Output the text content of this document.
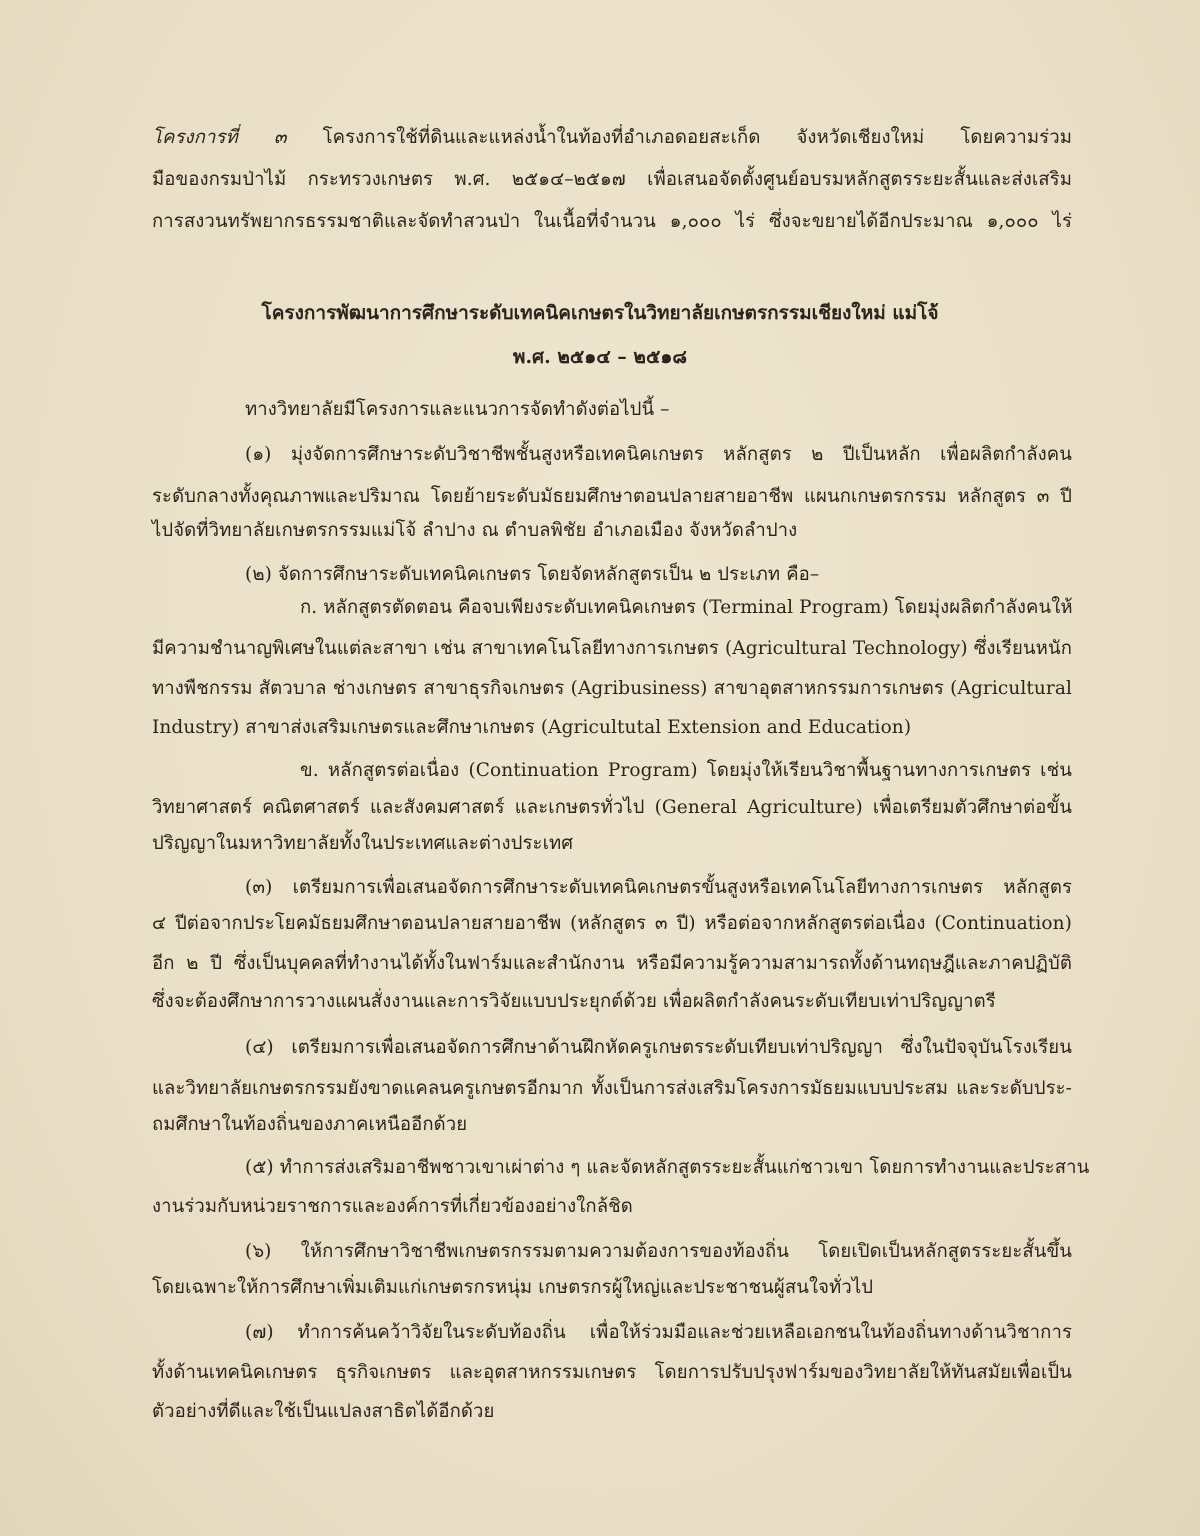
โครงการที่ ๓ โครงการใช้ที่ดินและแหล่งน้ำในท้องที่อำเภอดอยสะเก็ด จังหวัดเชียงใหม่ โดยความร่วม
มือของกรมป่าไม้ กระทรวงเกษตร พ.ศ. ๒๕๑๔–๒๕๑๗ เพื่อเสนอจัดตั้งศูนย์อบรมหลักสูตรระยะสั้นและส่งเสริม
การสงวนทรัพยากรธรรมชาติและจัดทำสวนป่า ในเนื้อที่จำนวน ๑,๐๐๐ ไร่ ซึ่งจะขยายได้อีกประมาณ ๑,๐๐๐ ไร่
โครงการพัฒนาการศึกษาระดับเทคนิคเกษตรในวิทยาลัยเกษตรกรรมเชียงใหม่ แม่โจ้
พ.ศ. ๒๕๑๔ – ๒๕๑๘
ทางวิทยาลัยมีโครงการและแนวการจัดทำดังต่อไปนี้ –
(๑) มุ่งจัดการศึกษาระดับวิชาชีพชั้นสูงหรือเทคนิคเกษตร หลักสูตร ๒ ปีเป็นหลัก เพื่อผลิตกำลังคน
ระดับกลางทั้งคุณภาพและปริมาณ โดยย้ายระดับมัธยมศึกษาตอนปลายสายอาชีพ แผนกเกษตรกรรม หลักสูตร ๓ ปี
ไปจัดที่วิทยาลัยเกษตรกรรมแม่โจ้ ลำปาง ณ ตำบลพิชัย อำเภอเมือง จังหวัดลำปาง
(๒) จัดการศึกษาระดับเทคนิคเกษตร โดยจัดหลักสูตรเป็น ๒ ประเภท คือ–
ก. หลักสูตรตัดตอน คือจบเพียงระดับเทคนิคเกษตร (Terminal Program) โดยมุ่งผลิตกำลังคนให้
มีความชำนาญพิเศษในแต่ละสาขา เช่น สาขาเทคโนโลยีทางการเกษตร (Agricultural Technology) ซึ่งเรียนหนัก
ทางพืชกรรม สัตวบาล ช่างเกษตร สาขาธุรกิจเกษตร (Agribusiness) สาขาอุตสาหกรรมการเกษตร (Agricultural
Industry) สาขาส่งเสริมเกษตรและศึกษาเกษตร (Agricultutal Extension and Education)
ข. หลักสูตรต่อเนื่อง (Continuation Program) โดยมุ่งให้เรียนวิชาพื้นฐานทางการเกษตร เช่น
วิทยาศาสตร์ คณิตศาสตร์ และสังคมศาสตร์ และเกษตรทั่วไป (General Agriculture) เพื่อเตรียมตัวศึกษาต่อขั้น
ปริญญาในมหาวิทยาลัยทั้งในประเทศและต่างประเทศ
(๓) เตรียมการเพื่อเสนอจัดการศึกษาระดับเทคนิคเกษตรขั้นสูงหรือเทคโนโลยีทางการเกษตร หลักสูตร
๔ ปีต่อจากประโยคมัธยมศึกษาตอนปลายสายอาชีพ (หลักสูตร ๓ ปี) หรือต่อจากหลักสูตรต่อเนื่อง (Continuation)
อีก ๒ ปี ซึ่งเป็นบุคคลที่ทำงานได้ทั้งในฟาร์มและสำนักงาน หรือมีความรู้ความสามารถทั้งด้านทฤษฎีและภาคปฏิบัติ
ซึ่งจะต้องศึกษาการวางแผนสั่งงานและการวิจัยแบบประยุกต์ด้วย เพื่อผลิตกำลังคนระดับเทียบเท่าปริญญาตรี
(๔) เตรียมการเพื่อเสนอจัดการศึกษาด้านฝึกหัดครูเกษตรระดับเทียบเท่าปริญญา ซึ่งในปัจจุบันโรงเรียน
และวิทยาลัยเกษตรกรรมยังขาดแคลนครูเกษตรอีกมาก ทั้งเป็นการส่งเสริมโครงการมัธยมแบบประสม และระดับประ-
ถมศึกษาในท้องถิ่นของภาคเหนืออีกด้วย
(๕) ทำการส่งเสริมอาชีพชาวเขาเผ่าต่าง ๆ และจัดหลักสูตรระยะสั้นแก่ชาวเขา โดยการทำงานและประสาน
งานร่วมกับหน่วยราชการและองค์การที่เกี่ยวข้องอย่างใกล้ชิด
(๖) ให้การศึกษาวิชาชีพเกษตรกรรมตามความต้องการของท้องถิ่น โดยเปิดเป็นหลักสูตรระยะสั้นขึ้น
โดยเฉพาะให้การศึกษาเพิ่มเติมแก่เกษตรกรหนุ่ม เกษตรกรผู้ใหญ่และประชาชนผู้สนใจทั่วไป
(๗) ทำการค้นคว้าวิจัยในระดับท้องถิ่น เพื่อให้ร่วมมือและช่วยเหลือเอกชนในท้องถิ่นทางด้านวิชาการ
ทั้งด้านเทคนิคเกษตร ธุรกิจเกษตร และอุตสาหกรรมเกษตร โดยการปรับปรุงฟาร์มของวิทยาลัยให้ทันสมัยเพื่อเป็น
ตัวอย่างที่ดีและใช้เป็นแปลงสาธิตได้อีกด้วย
